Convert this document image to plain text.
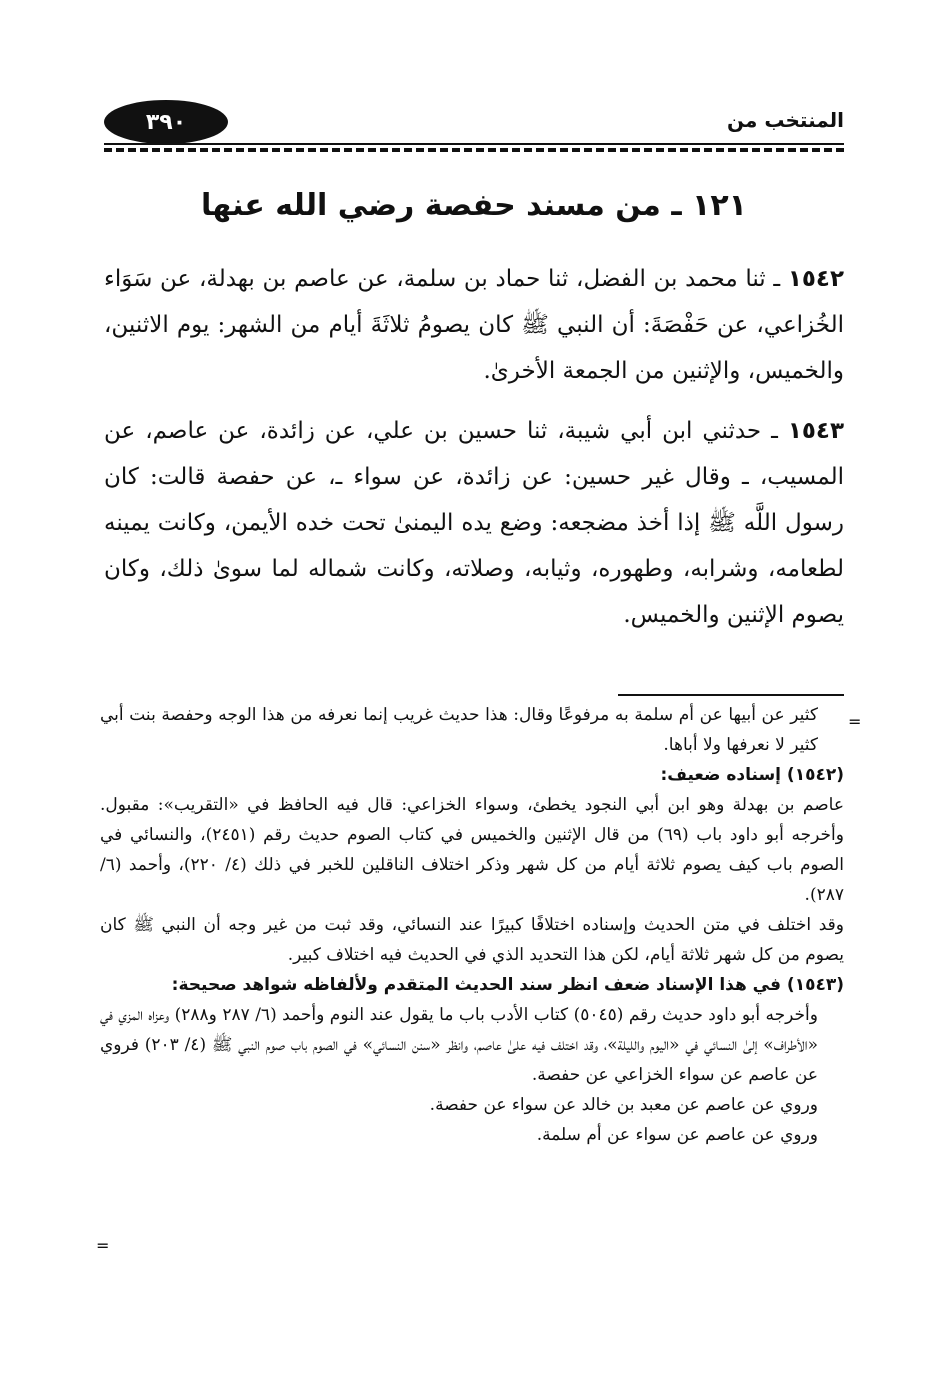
٣٩٠	المنتخب من
١٢١ ـ من مسند حفصة رضي الله عنها

١٥٤٢ ـ ثنا محمد بن الفضل، ثنا حماد بن سلمة، عن عاصم بن بهدلة، عن سَوَاء الخُزاعي، عن حَفْصَةَ: أن النبي ﷺ كان يصومُ ثلاثَةَ أيام من الشهر: يوم الاثنين، والخميس، والإثنين من الجمعة الأخرىٰ.

١٥٤٣ ـ حدثني ابن أبي شيبة، ثنا حسين بن علي، عن زائدة، عن عاصم، عن المسيب، ـ وقال غير حسين: عن زائدة، عن سواء ـ، عن حفصة قالت: كان رسول اللَّه ﷺ إذا أخذ مضجعه: وضع يده اليمنىٰ تحت خده الأيمن، وكانت يمينه لطعامه، وشرابه، وطهوره، وثيابه، وصلاته، وكانت شماله لما سوىٰ ذلك، وكان يصوم الإثنين والخميس.

=
=

كثير عن أبيها عن أم سلمة به مرفوعًا وقال: هذا حديث غريب إنما نعرفه من هذا الوجه وحفصة بنت أبي كثير لا نعرفها ولا أباها.

(١٥٤٢) إسناده ضعيف:

عاصم بن بهدلة وهو ابن أبي النجود يخطئ، وسواء الخزاعي: قال فيه الحافظ في «التقريب»: مقبول. وأخرجه أبو داود باب (٦٩) من قال الإثنين والخميس في كتاب الصوم حديث رقم (٢٤٥١)، والنسائي في الصوم باب كيف يصوم ثلاثة أيام من كل شهر وذكر اختلاف الناقلين للخبر في ذلك (٤/ ٢٢٠)، وأحمد (٦/ ٢٨٧).

وقد اختلف في متن الحديث وإسناده اختلافًا كبيرًا عند النسائي، وقد ثبت من غير وجه أن النبي ﷺ كان يصوم من كل شهر ثلاثة أيام، لكن هذا التحديد الذي في الحديث فيه اختلاف كبير.

(١٥٤٣) في هذا الإسناد ضعف انظر سند الحديث المتقدم ولألفاظه شواهد صحيحة:

وأخرجه أبو داود حديث رقم (٥٠٤٥) كتاب الأدب باب ما يقول عند النوم وأحمد (٦/ ٢٨٧ و٢٨٨) وعزاه المزي في «الأطراف» إلىٰ النسائي في «اليوم والليلة»، وقد اختلف فيه علىٰ عاصم، وانظر «سنن النسائي» في الصوم باب صوم النبي ﷺ (٤/ ٢٠٣) فروي عن عاصم عن سواء الخزاعي عن حفصة.

وروي عن عاصم عن معبد بن خالد عن سواء عن حفصة.

وروي عن عاصم عن سواء عن أم سلمة.
